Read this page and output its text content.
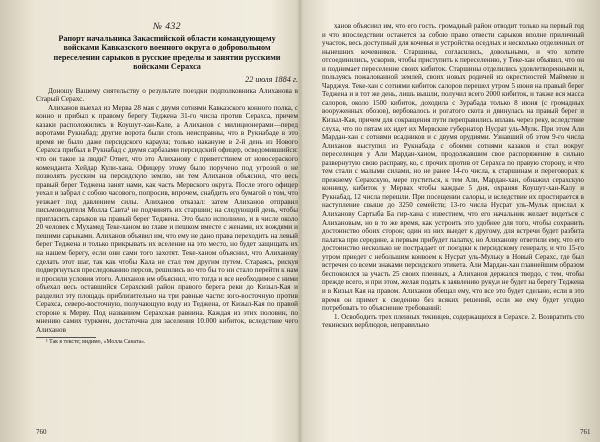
№ 432
Рапорт начальника Закаспийской области командующему войсками Кавказского военного округа о добровольном переселении сарыков в русские пределы и занятии русскими войсками Серахса
22 июля 1884 г.

Доношу Вашему сиятельству о результате поездки подполковника Алиханова в Старый Серахс.

Алиханов выехал из Мерва 28 мая с двумя сотнями Кавказского конного полка, с конно и прибыл к правому берегу Теджена 31-го числа против Серахса, причем казаки расположились в Коушут-хан-Кале, а Алиханов с милиционерами—перед воротами Рукнабад; другие ворота были столь неисправны, что в Рукнабаде в это время не было даже персидского караула; только накануне в 2-й день из Нового Серахса прибыл в Рукнабад с двумя сарбазами персидский офицер, осведомившийся: что он такое за люди? Ответ, что это Алиханову с приветствием от новосераского коменданта Хейдар Кули-хана. Офицеру этому было поручено под угрозой о не позволять русским на персидскую землю, ни тем Алиханов объяснил, что весь правый берег Теджена занят нами, как часть Мервского округа. После этого офицер уехал и забрал с собою часового, попросив, впрочем, снабдить его бумагой о том, что уезжает под давлением силы. Алиханов отказал: затем Алиханов отправил письмоводителя Молла Савта¹ не подчинять их старшин; на следующий день, чтобы пригласить сарыков на правый берег Теджена. Это было исполнено, и в числе около 20 человек с Мухамед Теке-ханом во главе и пешком вместе с женами, их вождями и пешими сарыками. Алиханов объявил им, что ему не дано права переходить на левый берег Теджена и только прикрывать их вселение на это место, но будет защищать их на нашем берегу, если они сами того захотят. Теке-ханом объяснил, что Алиханову сделать этот шаг, так как чтобы Кала не стал тем другим путем. Стараясь, рискуя подвергнуться преследованию персов, решились во что бы то ни стало перейти к нам и просили условия этого. Алиханов им объяснил, что тогда и все необходимое с ними объехал весь оставшийся Серахский район правого берега реки до Кизыл-Кая и разделил эту площадь приблизительно на три равные части: юго-восточную против Серахса, северо-восточную, получающую воду из Теджена, от Кизыл-Кая по правой стороне к Мерву. Под названием Серахская равнина. Каждая из этих половин, по мнению самих туркмен, достаточна для заселения 10.000 кибиток, вследствие чего Алиханов

¹ Так в тексте; видимо, «Молла Саната».

ханов объяснил им, что его гость. громадный район отводит только на первый год и что впоследствии останется за собою право отвести сарыков вполне приличный участок, весь доступный для кочевья и устройства оседлых и несколько отделенных от нынешних кочевников. Старшины, согласились, довольными, и что хотите отсоединились, ускорив, чтобы приступить к переселению, у Теке-хан объявил, что он и поднимает переселение своих кибиток. Старшины отделились удовлетворенными и, пользуясь пожалованной землей, своих новых родичей из окрестностей Маймене и Чарджуя. Теке-хан с сотнями кибиток салоров перешел утром 5 июня на правый берег Теджена и в тот же день, лишь вышли, получил всего 2000 кибиток, и также вся масса салоров, около 1500 кибиток, доходила с Зурабада только 8 июня (с громадных вооруженных обозов), вербовалось и рогатого скота и двинулась на правый берег и Кизыл-Кая, причем для сокращения пути переправились вплавь через реку, вследствие слуха, что по пятам их идет их Мервские губернатор Нусрат уль-Мулк. При этом Али Мардан-хан с сотнями всадников и с двумя орудиями. Узнавший об этом 9-го числа Алиханов выступил из Рукнабада с обоими сотнями казаков и стал вокруг переселенцев у Али Мардан-ханом, продолжавшим свое распоряжение в сильно развернутую свою расправу, ко, с прочих против от Серахса по правую сторону, и что тем стали с малыми силами, но не ранее 14-го числа, к старшинам и переговорах к прежнему Серахскую, мере пуститься, к тем Али, Мардан-хан, обнажил серахскую конницу, кибиток у Мервах чтобы каждые 5 дня, охраняя Коушут-хан-Калу и Рукнабад, 12 числа перешли. При посещении салоры, и вследствие их простирается в наступление свыше до 3250 семейств; 13-го числа Нусрат уль-Мульк прислал к Алиханову Сартыба Ба гир-хана с известием, что его начальник желает видеться с Алихановым, но в то же время, как устроить это удобнее для того, чтобы сохранить достоинство обоих сторон; один из них выедет к другому, для встречи будет разбита палатка при середине, а первым прибудет палатку, но Алиханову ответили ему, что его достоинство несколько не пострадает от поездки к персидскому генералу, и что 15-го утром приедет с небольшим конвоем к Нусрат уль-Мульку в Новый Серахс, где был встречен со всеми знаками персидского этикета. Али Мардан-хан главнейшим образом беспокоился за участь 25 своих пленных, а Алиханов держался твердо, с тем, чтобы прежде всего, и при этом, желая подать к заявлению руку,и не будет на берегу Теджена и в Кизыл Кая на правом. Алиханов обещал ему, что все это будет сделано, если в это время он примет к сведению без всяких решений, если же ему будет угодно потребовать то объяснение требований:

1. Освободить трех пленных текинцев, содержащихся в Серахсе. 2. Возвратить сто текинских верблюдов, неправильно

760	761
